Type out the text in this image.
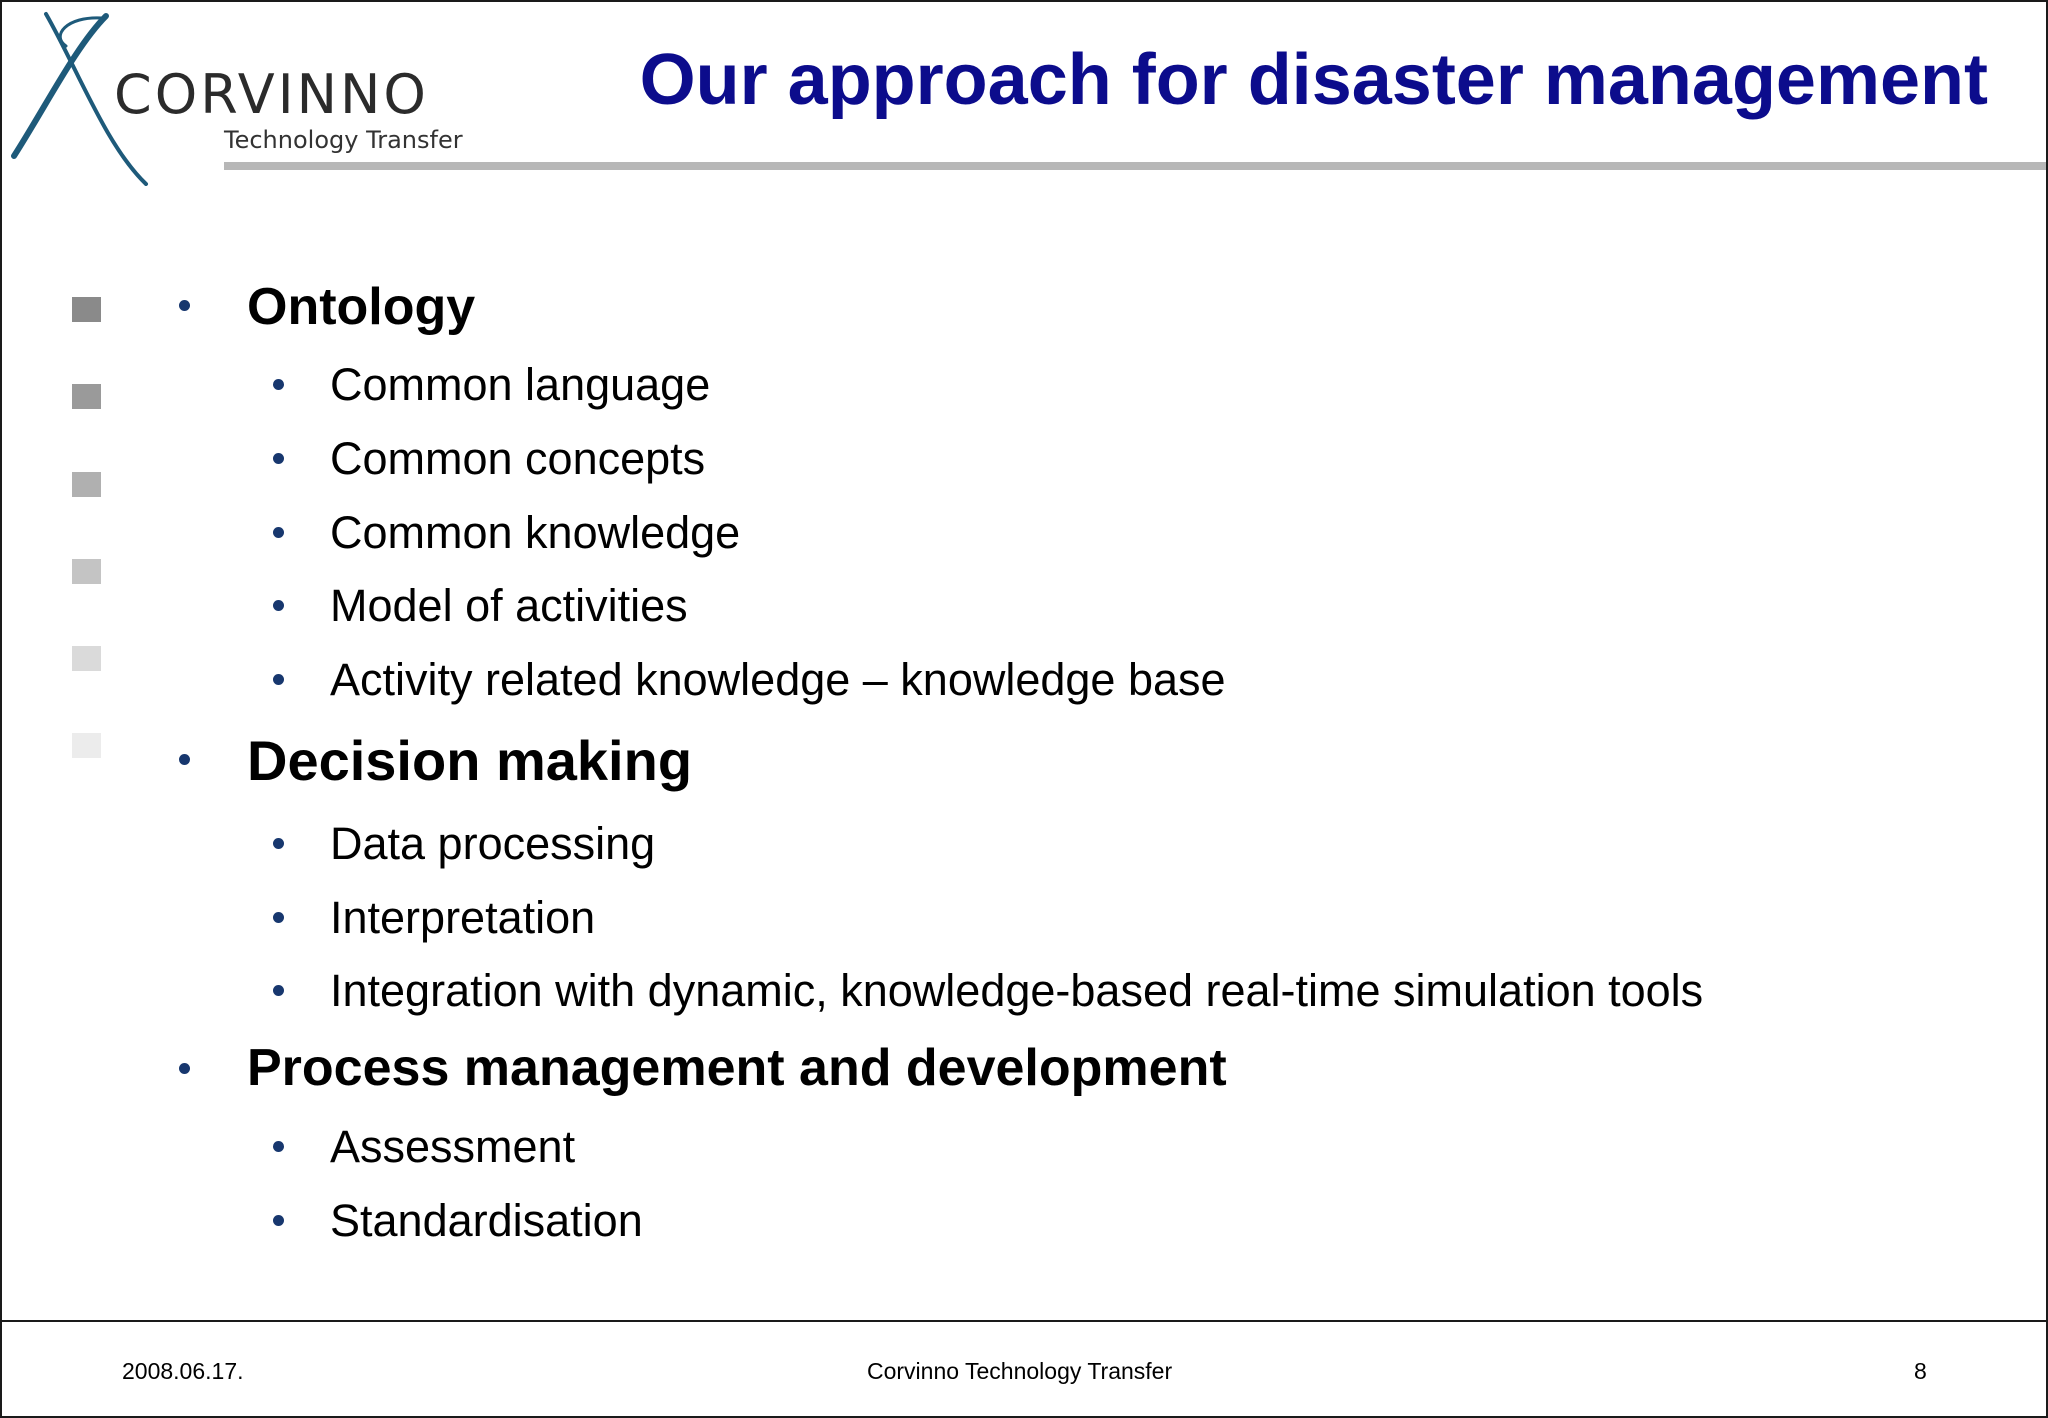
CORVINNO
Technology Transfer
Our approach for disaster management
Ontology
Common language
Common concepts
Common knowledge
Model of activities
Activity related knowledge – knowledge base
Decision making
Data processing
Interpretation
Integration with dynamic, knowledge-based real-time simulation tools
Process management and development
Assessment
Standardisation
2008.06.17.	Corvinno Technology Transfer	8
